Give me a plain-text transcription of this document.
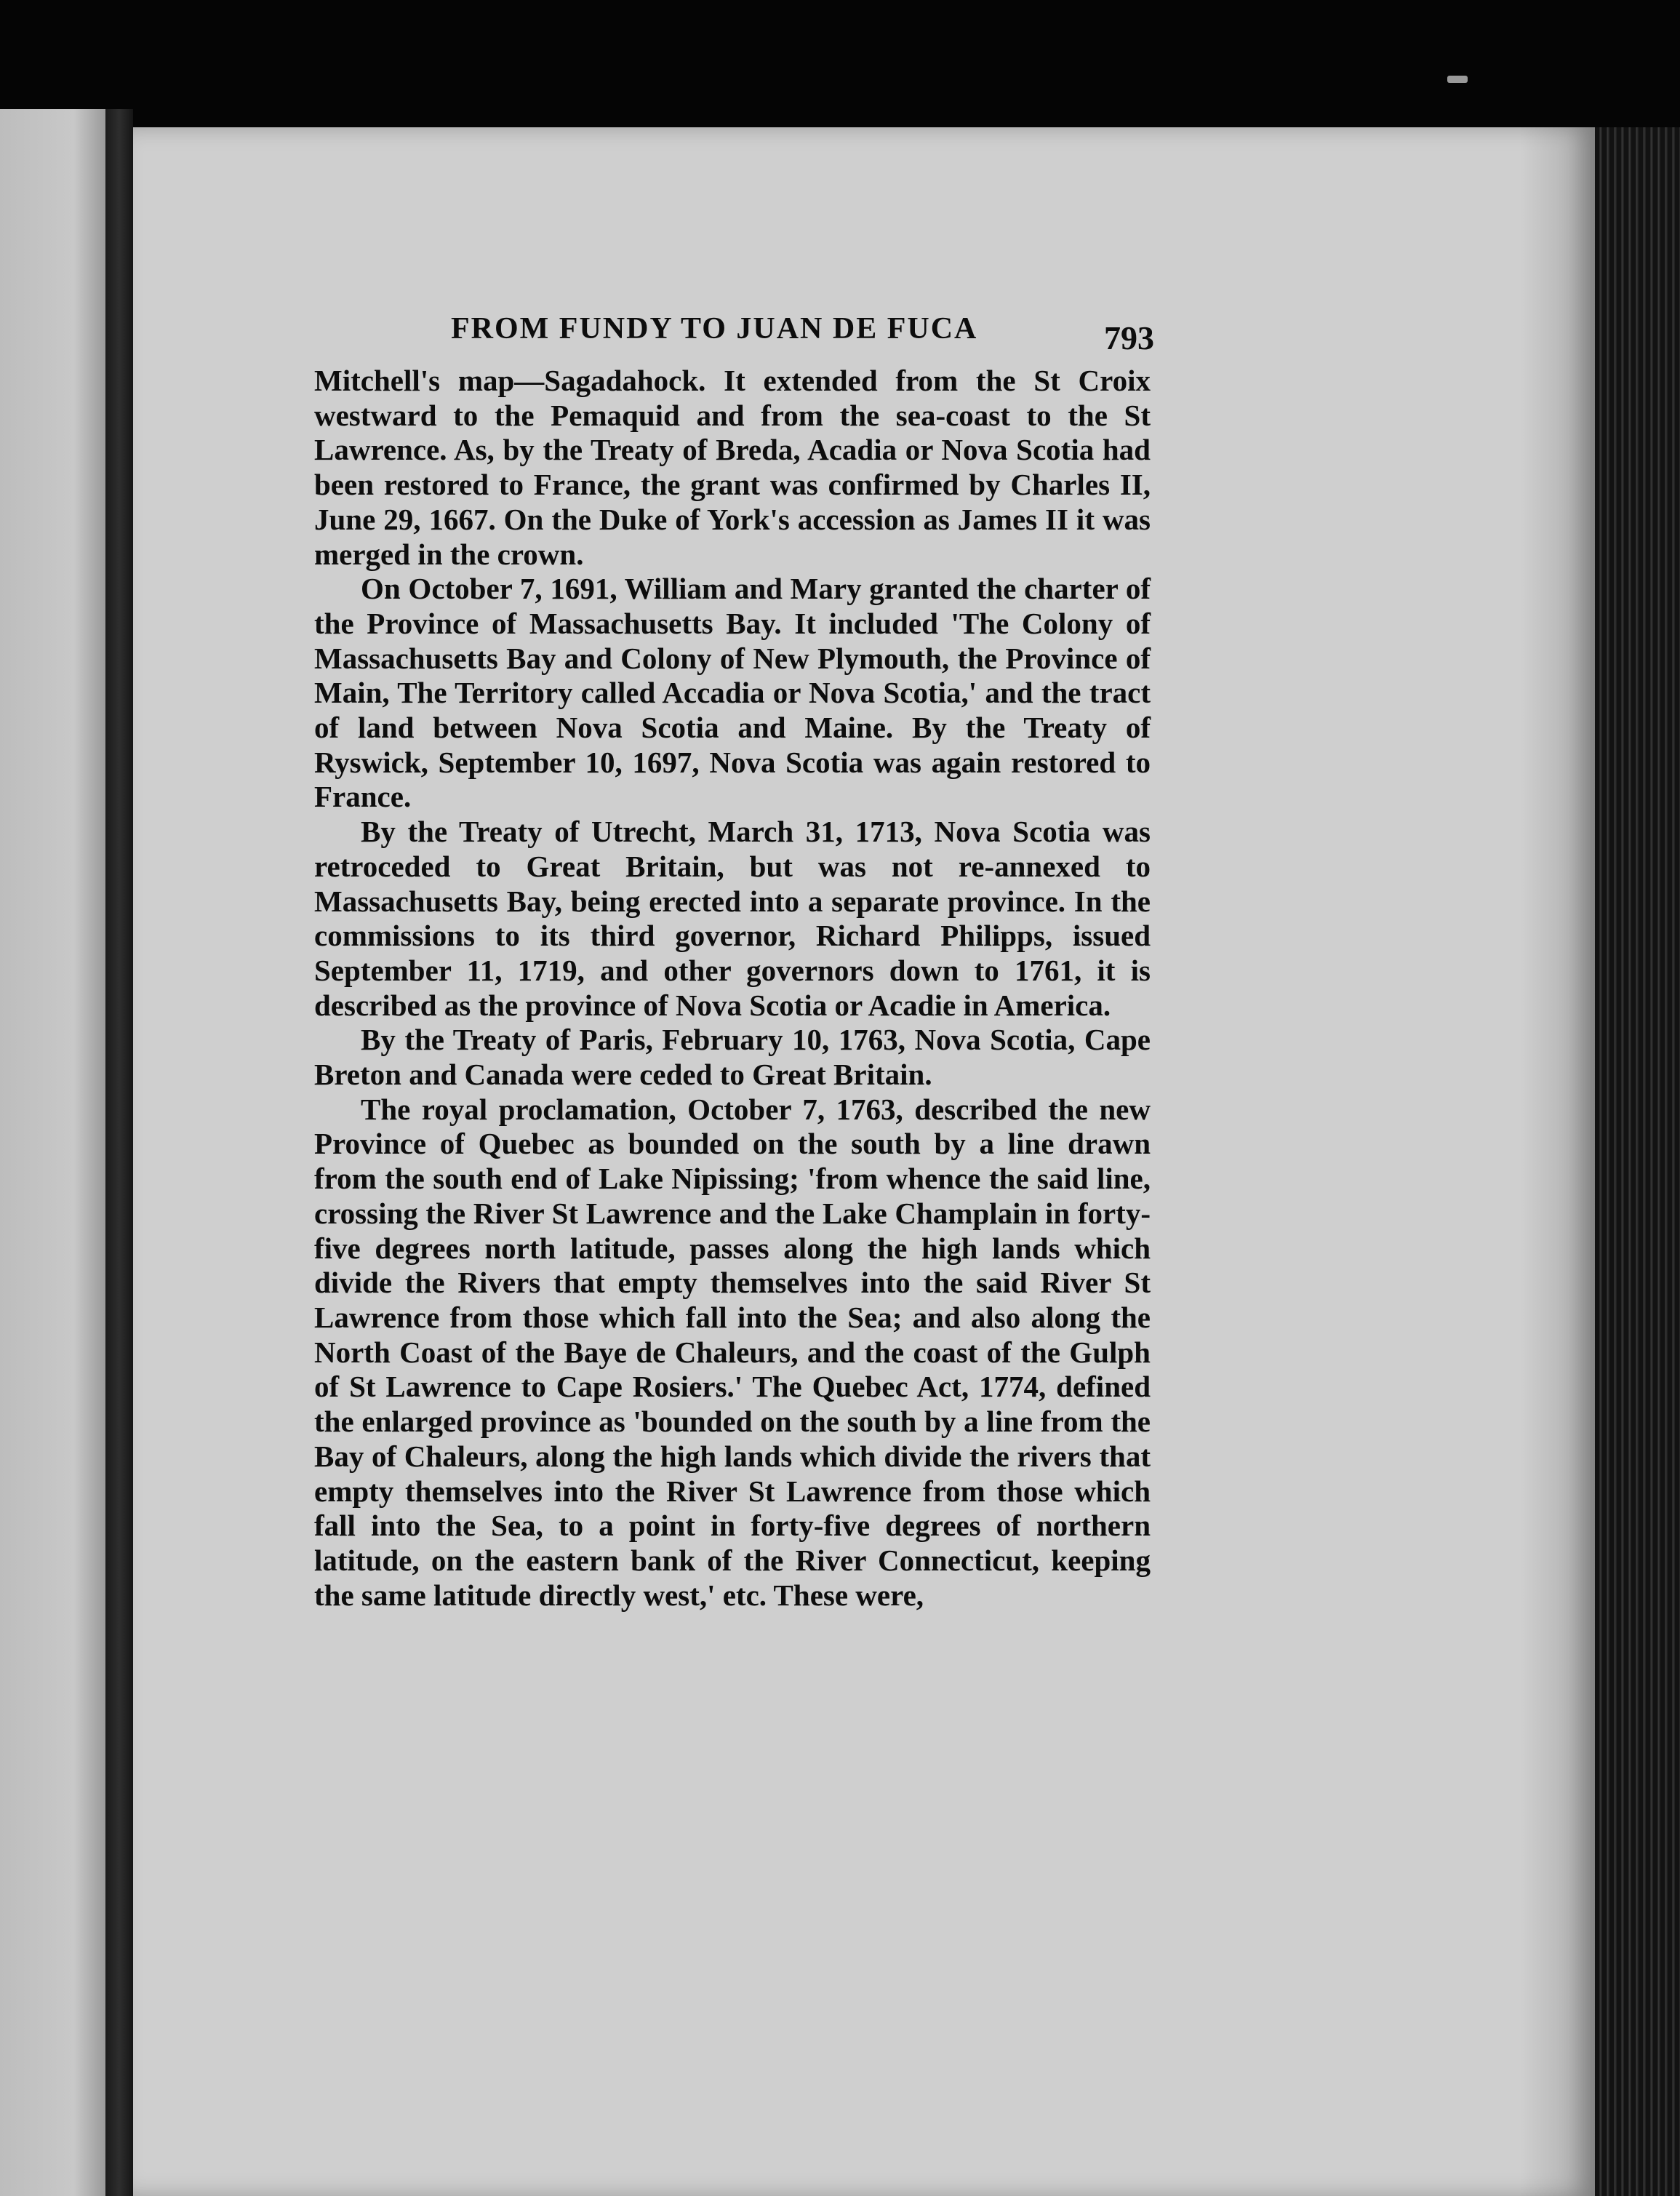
FROM FUNDY TO JUAN DE FUCA	793

Mitchell's map—Sagadahock. It extended from the St Croix westward to the Pemaquid and from the sea-coast to the St Lawrence. As, by the Treaty of Breda, Acadia or Nova Scotia had been restored to France, the grant was confirmed by Charles II, June 29, 1667. On the Duke of York's accession as James II it was merged in the crown.

On October 7, 1691, William and Mary granted the charter of the Province of Massachusetts Bay. It included 'The Colony of Massachusetts Bay and Colony of New Plymouth, the Province of Main, The Territory called Accadia or Nova Scotia,' and the tract of land between Nova Scotia and Maine. By the Treaty of Ryswick, September 10, 1697, Nova Scotia was again restored to France.

By the Treaty of Utrecht, March 31, 1713, Nova Scotia was retroceded to Great Britain, but was not re-annexed to Massachusetts Bay, being erected into a separate province. In the commissions to its third governor, Richard Philipps, issued September 11, 1719, and other governors down to 1761, it is described as the province of Nova Scotia or Acadie in America.

By the Treaty of Paris, February 10, 1763, Nova Scotia, Cape Breton and Canada were ceded to Great Britain.

The royal proclamation, October 7, 1763, described the new Province of Quebec as bounded on the south by a line drawn from the south end of Lake Nipissing; 'from whence the said line, crossing the River St Lawrence and the Lake Champlain in forty-five degrees north latitude, passes along the high lands which divide the Rivers that empty themselves into the said River St Lawrence from those which fall into the Sea; and also along the North Coast of the Baye de Chaleurs, and the coast of the Gulph of St Lawrence to Cape Rosiers.' The Quebec Act, 1774, defined the enlarged province as 'bounded on the south by a line from the Bay of Chaleurs, along the high lands which divide the rivers that empty themselves into the River St Lawrence from those which fall into the Sea, to a point in forty-five degrees of northern latitude, on the eastern bank of the River Connecticut, keeping the same latitude directly west,' etc. These were,
